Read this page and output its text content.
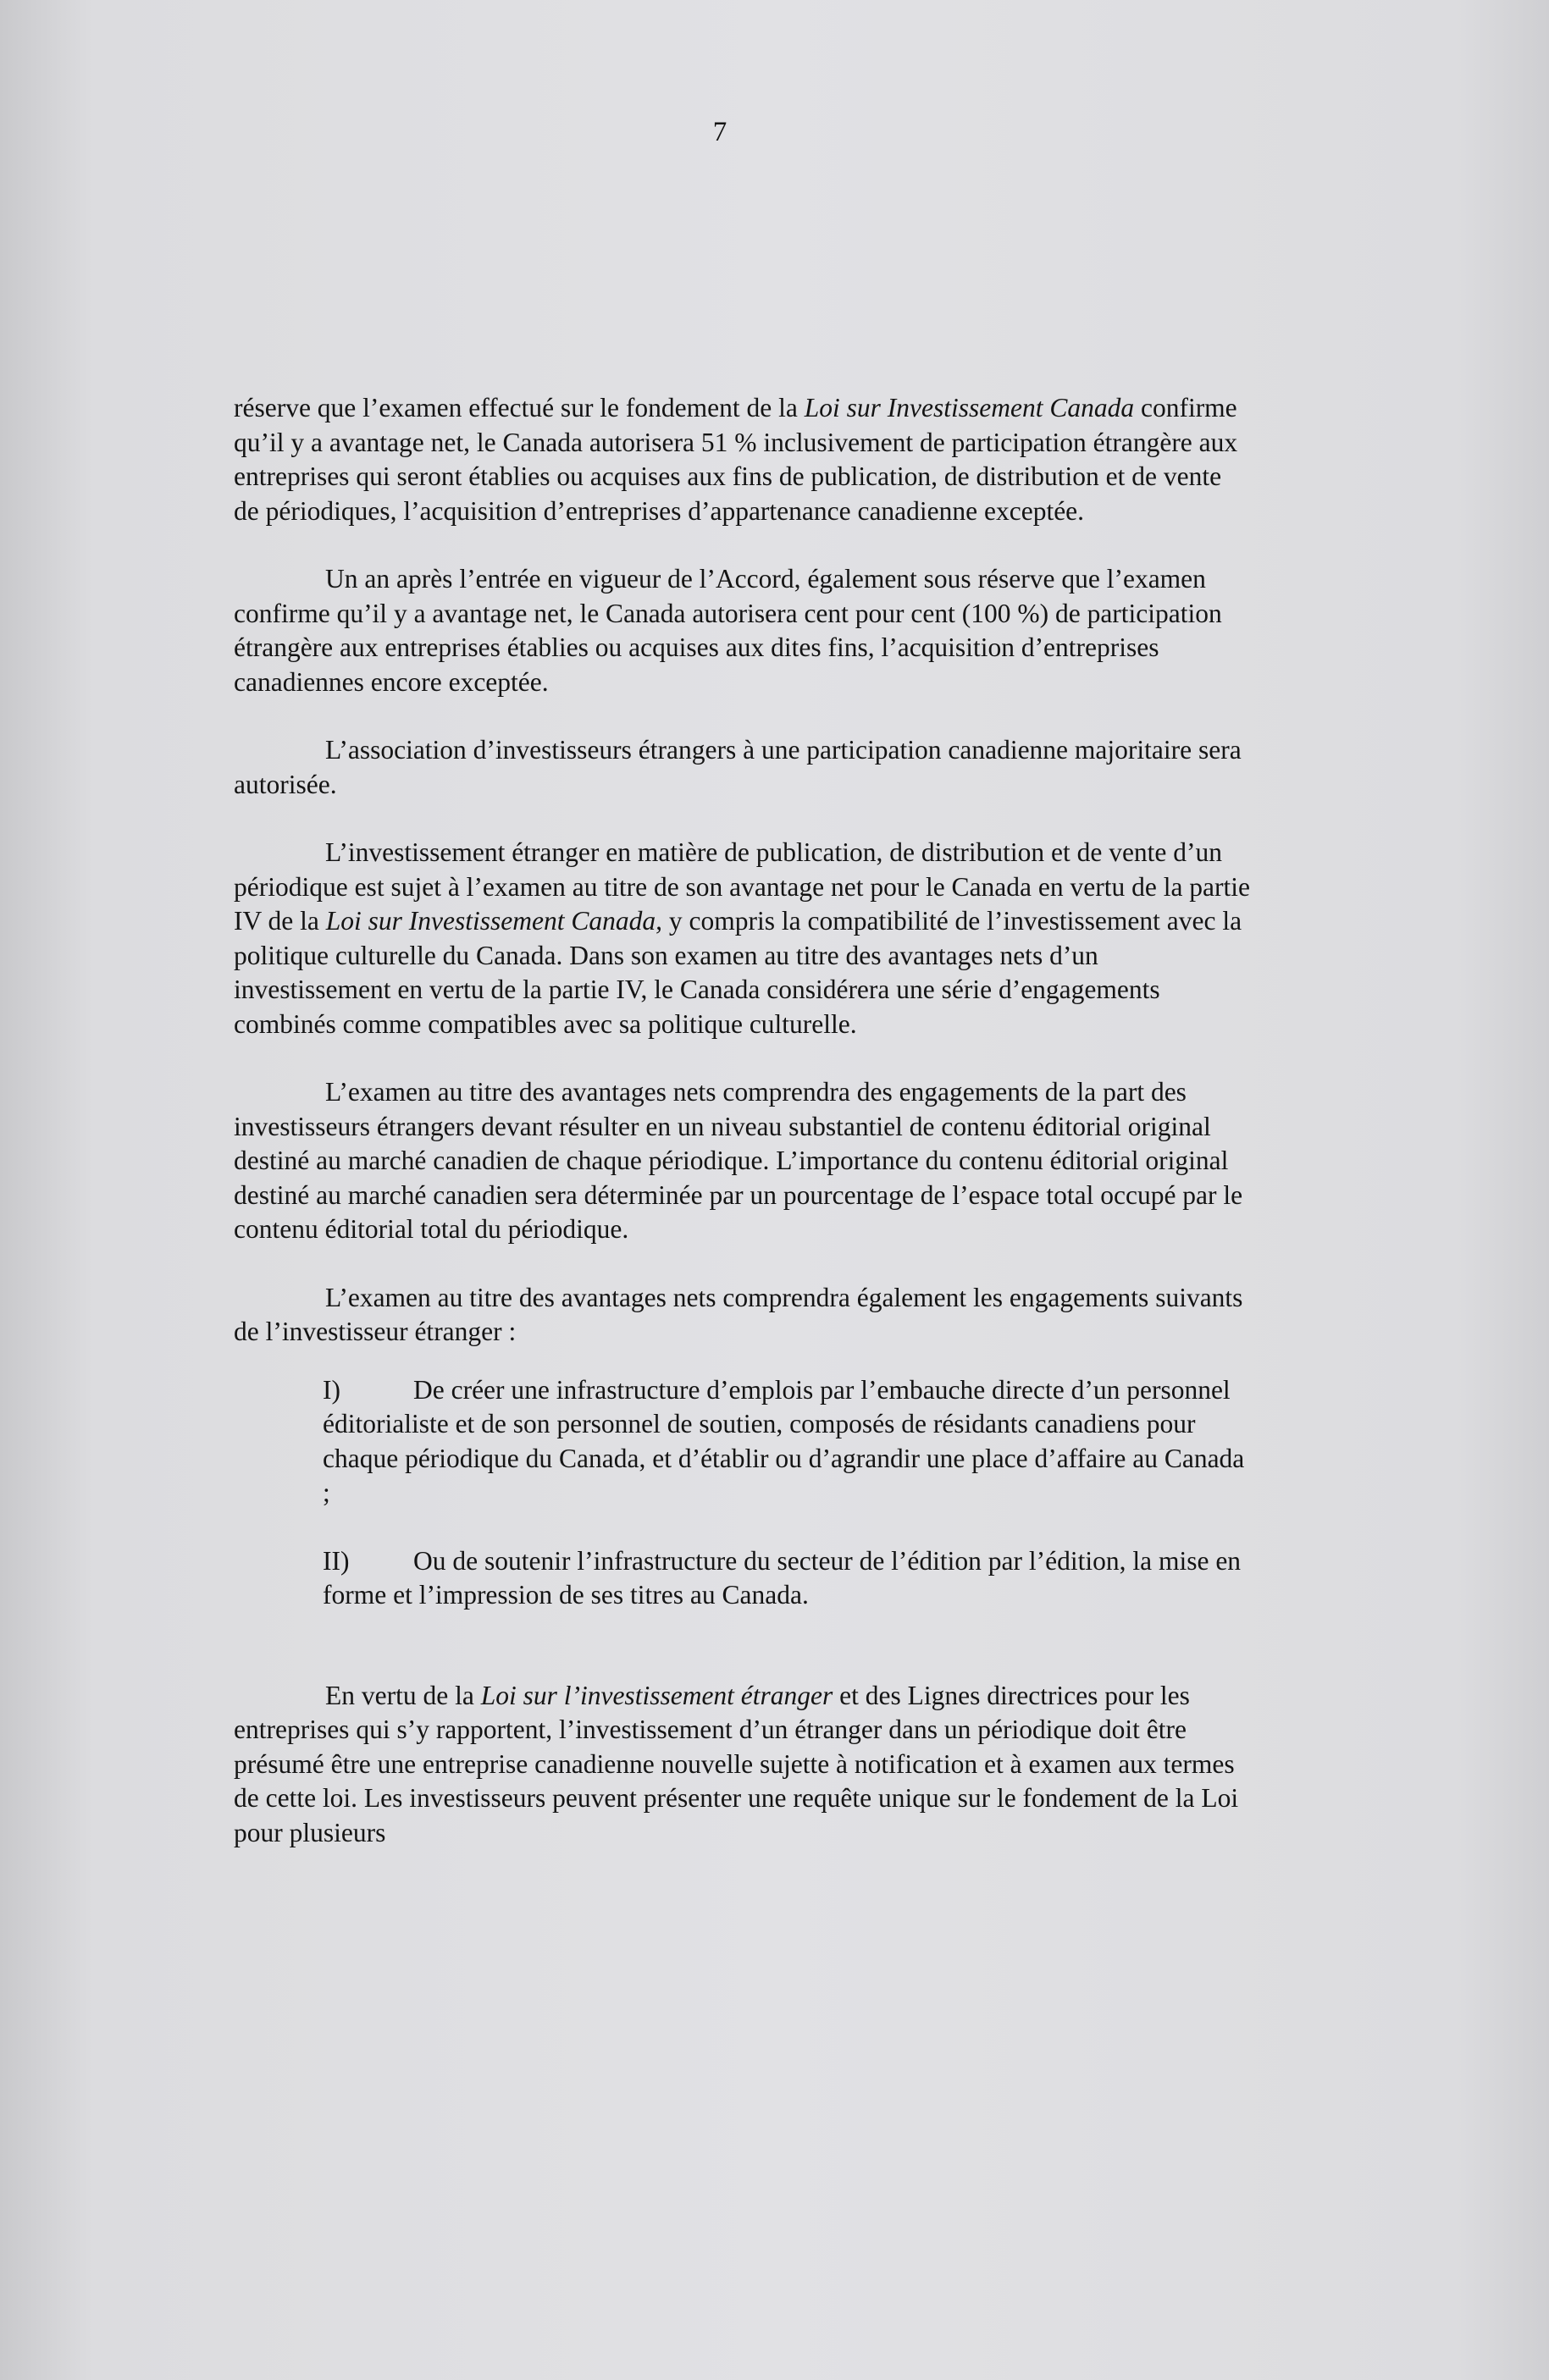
7

réserve que l’examen effectué sur le fondement de la Loi sur Investissement Canada confirme qu’il y a avantage net, le Canada autorisera 51 % inclusivement de participation étrangère aux entreprises qui seront établies ou acquises aux fins de publication, de distribution et de vente de périodiques, l’acquisition d’entreprises d’appartenance canadienne exceptée.

Un an après l’entrée en vigueur de l’Accord, également sous réserve que l’examen confirme qu’il y a avantage net, le Canada autorisera cent pour cent (100 %) de participation étrangère aux entreprises établies ou acquises aux dites fins, l’acquisition d’entreprises canadiennes encore exceptée.

L’association d’investisseurs étrangers à une participation canadienne majoritaire sera autorisée.

L’investissement étranger en matière de publication, de distribution et de vente d’un périodique est sujet à l’examen au titre de son avantage net pour le Canada en vertu de la partie IV de la Loi sur Investissement Canada, y compris la compatibilité de l’investissement avec la politique culturelle du Canada. Dans son examen au titre des avantages nets d’un investissement en vertu de la partie IV, le Canada considérera une série d’engagements combinés comme compatibles avec sa politique culturelle.

L’examen au titre des avantages nets comprendra des engagements de la part des investisseurs étrangers devant résulter en un niveau substantiel de contenu éditorial original destiné au marché canadien de chaque périodique. L’importance du contenu éditorial original destiné au marché canadien sera déterminée par un pourcentage de l’espace total occupé par le contenu éditorial total du périodique.

L’examen au titre des avantages nets comprendra également les engagements suivants de l’investisseur étranger :

I)	De créer une infrastructure d’emplois par l’embauche directe d’un personnel éditorialiste et de son personnel de soutien, composés de résidants canadiens pour chaque périodique du Canada, et d’établir ou d’agrandir une place d’affaire au Canada ;
II) Ou de soutenir l’infrastructure du secteur de l’édition par l’édition, la mise en forme et l’impression de ses titres au Canada.

En vertu de la Loi sur l’investissement étranger et des Lignes directrices pour les entreprises qui s’y rapportent, l’investissement d’un étranger dans un périodique doit être présumé être une entreprise canadienne nouvelle sujette à notification et à examen aux termes de cette loi. Les investisseurs peuvent présenter une requête unique sur le fondement de la Loi pour plusieurs
